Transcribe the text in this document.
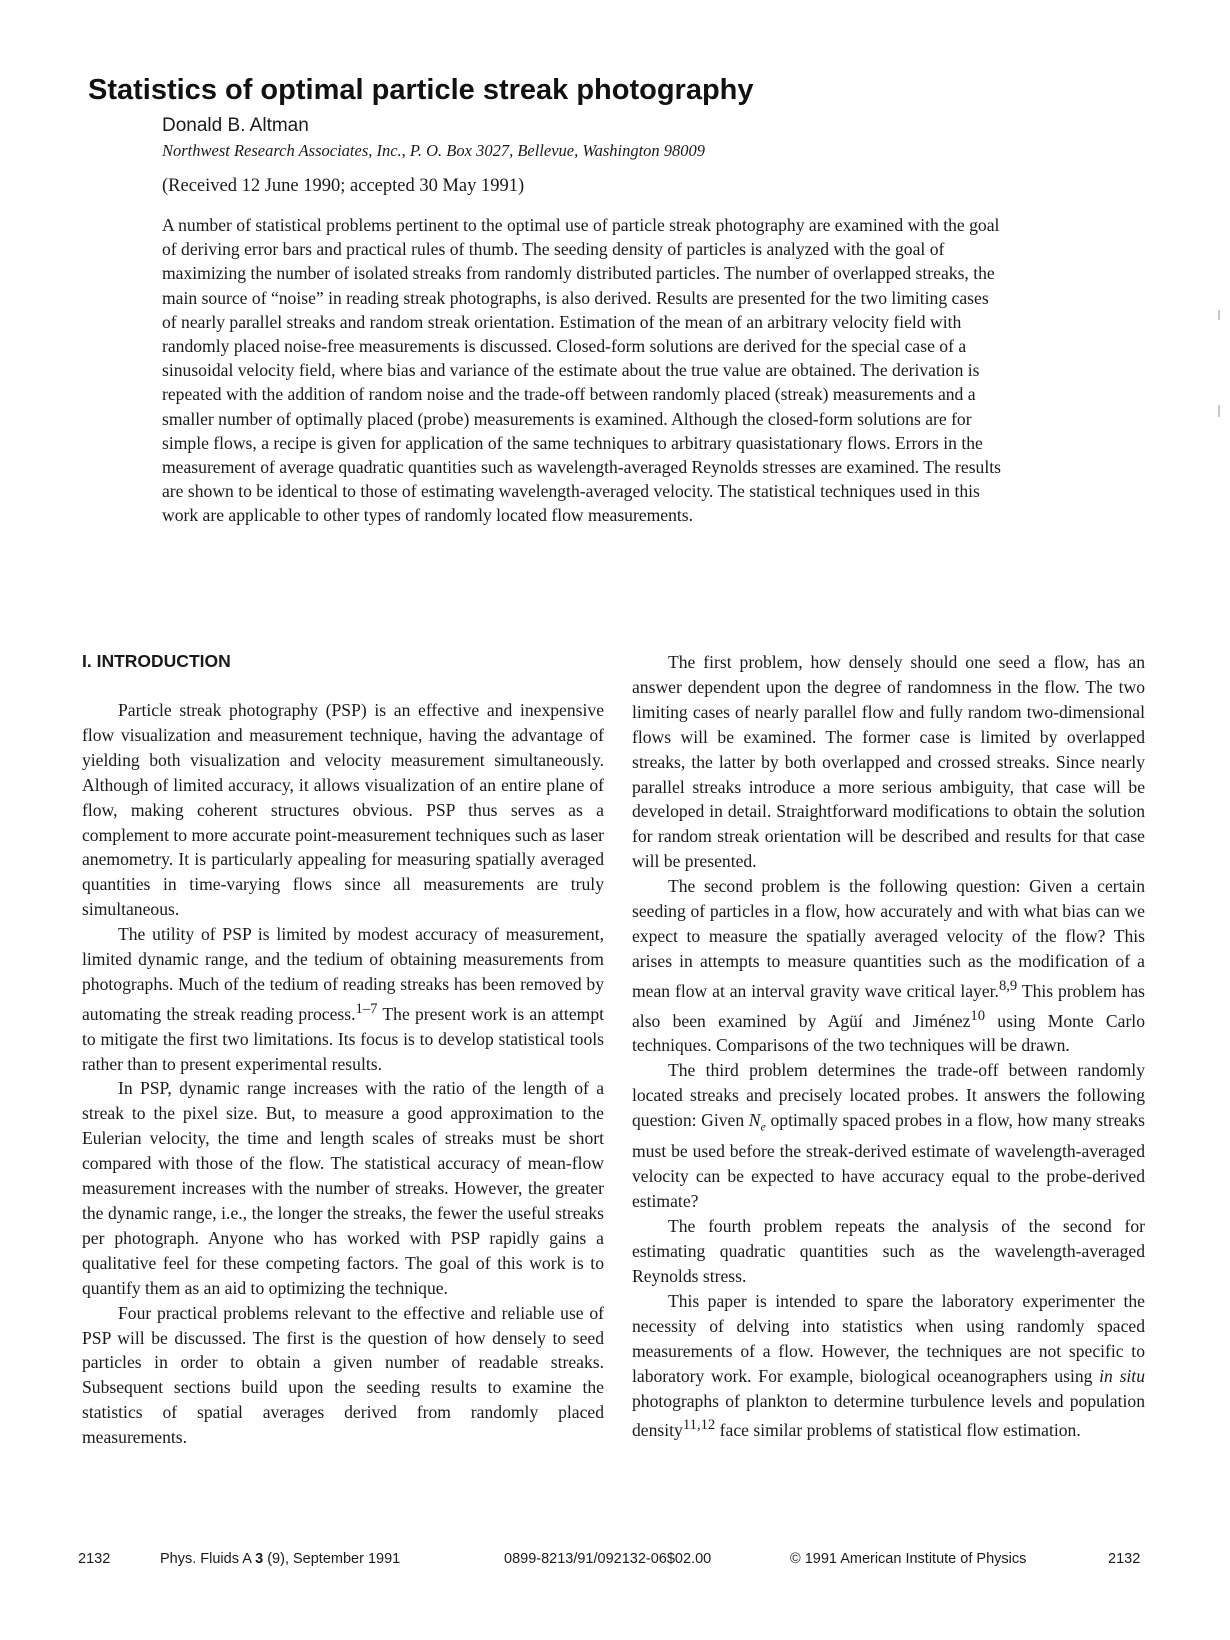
Statistics of optimal particle streak photography
Donald B. Altman
Northwest Research Associates, Inc., P. O. Box 3027, Bellevue, Washington 98009
(Received 12 June 1990; accepted 30 May 1991)

A number of statistical problems pertinent to the optimal use of particle streak photography are examined with the goal of deriving error bars and practical rules of thumb. The seeding density of particles is analyzed with the goal of maximizing the number of isolated streaks from randomly distributed particles. The number of overlapped streaks, the main source of “noise” in reading streak photographs, is also derived. Results are presented for the two limiting cases of nearly parallel streaks and random streak orientation. Estimation of the mean of an arbitrary velocity field with randomly placed noise-free measurements is discussed. Closed-form solutions are derived for the special case of a sinusoidal velocity field, where bias and variance of the estimate about the true value are obtained. The derivation is repeated with the addition of random noise and the trade-off between randomly placed (streak) measurements and a smaller number of optimally placed (probe) measurements is examined. Although the closed-form solutions are for simple flows, a recipe is given for application of the same techniques to arbitrary quasistationary flows. Errors in the measurement of average quadratic quantities such as wavelength-averaged Reynolds stresses are examined. The results are shown to be identical to those of estimating wavelength-averaged velocity. The statistical techniques used in this work are applicable to other types of randomly located flow measurements.

I. INTRODUCTION

Particle streak photography (PSP) is an effective and inexpensive flow visualization and measurement technique, having the advantage of yielding both visualization and velocity measurement simultaneously. Although of limited accuracy, it allows visualization of an entire plane of flow, making coherent structures obvious. PSP thus serves as a complement to more accurate point-measurement techniques such as laser anemometry. It is particularly appealing for measuring spatially averaged quantities in time-varying flows since all measurements are truly simultaneous.

The utility of PSP is limited by modest accuracy of measurement, limited dynamic range, and the tedium of obtaining measurements from photographs. Much of the tedium of reading streaks has been removed by automating the streak reading process.$^{1-7}$ The present work is an attempt to mitigate the first two limitations. Its focus is to develop statistical tools rather than to present experimental results.

In PSP, dynamic range increases with the ratio of the length of a streak to the pixel size. But, to measure a good approximation to the Eulerian velocity, the time and length scales of streaks must be short compared with those of the flow. The statistical accuracy of mean-flow measurement increases with the number of streaks. However, the greater the dynamic range, i.e., the longer the streaks, the fewer the useful streaks per photograph. Anyone who has worked with PSP rapidly gains a qualitative feel for these competing factors. The goal of this work is to quantify them as an aid to optimizing the technique.

Four practical problems relevant to the effective and reliable use of PSP will be discussed. The first is the question of how densely to seed particles in order to obtain a given number of readable streaks. Subsequent sections build upon the seeding results to examine the statistics of spatial averages derived from randomly placed measurements.

The first problem, how densely should one seed a flow, has an answer dependent upon the degree of randomness in the flow. The two limiting cases of nearly parallel flow and fully random two-dimensional flows will be examined. The former case is limited by overlapped streaks, the latter by both overlapped and crossed streaks. Since nearly parallel streaks introduce a more serious ambiguity, that case will be developed in detail. Straightforward modifications to obtain the solution for random streak orientation will be described and results for that case will be presented.

The second problem is the following question: Given a certain seeding of particles in a flow, how accurately and with what bias can we expect to measure the spatially averaged velocity of the flow? This arises in attempts to measure quantities such as the modification of a mean flow at an interval gravity wave critical layer.$^{8,9}$ This problem has also been examined by Agüí and Jiménez$^{10}$ using Monte Carlo techniques. Comparisons of the two techniques will be drawn.

The third problem determines the trade-off between randomly located streaks and precisely located probes. It answers the following question: Given $N_e$ optimally spaced probes in a flow, how many streaks must be used before the streak-derived estimate of wavelength-averaged velocity can be expected to have accuracy equal to the probe-derived estimate?

The fourth problem repeats the analysis of the second for estimating quadratic quantities such as the wavelength-averaged Reynolds stress.

This paper is intended to spare the laboratory experimenter the necessity of delving into statistics when using randomly spaced measurements of a flow. However, the techniques are not specific to laboratory work. For example, biological oceanographers using in situ photographs of plankton to determine turbulence levels and population density$^{11,12}$ face similar problems of statistical flow estimation.

2132	Phys. Fluids A 3 (9), September 1991	0899-8213/91/092132-06$02.00	© 1991 American Institute of Physics	2132
